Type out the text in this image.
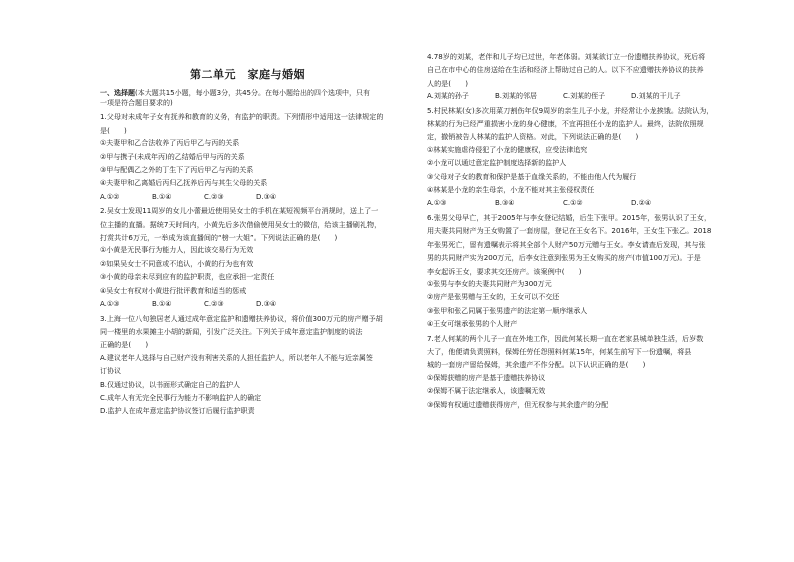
第二单元　家庭与婚姻
一、选择题(本大题共15小题，每小题3分，共45分。在每小题给出的四个选项中，只有
一项是符合题目要求的)
1.父母对未成年子女有抚养和教育的义务，有监护的职责。下列情形中适用这一法律规定的
是(　　)
①夫妻甲和乙合法收养了丙后甲乙与丙的关系
②甲与携子(未成年丙)的乙结婚后甲与丙的关系
③甲与配偶乙之外的丁生下了丙后甲乙与丙的关系
④夫妻甲和乙离婚后丙归乙抚养后丙与其生父母的关系
A.①②	B.①④	C.②③	D.③④
2.吴女士发现11周岁的女儿小蕾最近使用吴女士的手机在某短视频平台消规时，送上了一
位主播的直播。据统7天时间内，小黄先后多次借偷使用吴女士的微信，给该主播刷礼物，
打赏共计6万元，一举成为该直播间的“榜一大姐”。下列说法正确的是(　　)
①小黄是无民事行为能力人，因此该交易行为无效
②如果吴女士不同意或不追认，小黄的行为也有效
③小黄的母亲未尽到应有的监护职责，也应承担一定责任
④吴女士有权对小黄进行批评教育和适当的惩戒
A.①③	B.①④	C.②③	D.③④
3.上海一位八旬独居老人通过成年意定监护和遗赠扶养协议，将价值300万元的房产赠予胡
同一楼里的水果摊主小胡的新闻，引发广泛关注。下列关于成年意定监护制度的说法
正确的是(　　)
A.建议老年人选择与自己财产没有利害关系的人担任监护人，所以老年人不能与近亲属签
订协议
B.仅通过协议，以书面形式确定自己的监护人
C.成年人有无完全民事行为能力不影响监护人的确定
D.监护人在成年意定监护协议签订后履行监护职责
4.78岁的刘某，老伴和儿子均已过世，年老体弱。刘某欲订立一份遗赠扶养协议，死后将
自己在市中心的住房送给在生活和经济上帮助过自己的人。以下不应遗赠扶养协议的扶养
人的是(　　)
A.刘某的孙子	B.刘某的邻居	C.刘某的侄子	D.刘某的干儿子
5.村民林某(女)多次用菜刀割伤年仅9周岁的亲生儿子小龙，并经常让小龙挨饿。法院认为，
林某的行为已经严重损害小龙的身心健康，不宜再担任小龙的监护人。最终，法院依照规
定，撤销被告人林某的监护人资格。对此，下列说法正确的是(　　)
①林某实施虐待侵犯了小龙的健康权，应受法律追究
②小龙可以通过意定监护制度选择新的监护人
③父母对子女的教育和保护是基于血缘关系的，不能由他人代为履行
④林某是小龙的亲生母亲，小龙不能对其主张侵权责任
A.①③	B.③④	C.①②	D.②④
6.张男父母早亡，其于2005年与李女登记结婚，后生下张甲。2015年，张男认识了王女，
用夫妻共同财产为王女购置了一套房屋，登记在王女名下。2016年，王女生下张乙。2018
年张男死亡，留有遗嘱表示将其全部个人财产50万元赠与王女。李女请查后发现，其与张
男的共同财产实为200万元，后李女注意到张男为王女购买的房产(市值100万元)。于是
李女起诉王女，要求其交还房产。该案例中(　　)
①张男与李女的夫妻共同财产为300万元
②房产是张男赠与王女的，王女可以不交还
③张甲和张乙同属于张男遗产的法定第一顺序继承人
④王女可继承张男的个人财产
7.老人何某的两个儿子一直在外地工作，因此何某长期一直在老家县城单独生活，后岁数
大了，他便请负责照料，保姆任劳任怨照料何某15年，何某生前写下一份遗嘱，将县
城的一套房产留给保姆，其余遗产不作分配。以下认识正确的是(　　)
①保姆获赠的房产是基于遗赠扶养协议
②保姆不属于法定继承人，该遗嘱无效
③保姆有权通过遗赠获得房产，但无权参与其余遗产的分配
